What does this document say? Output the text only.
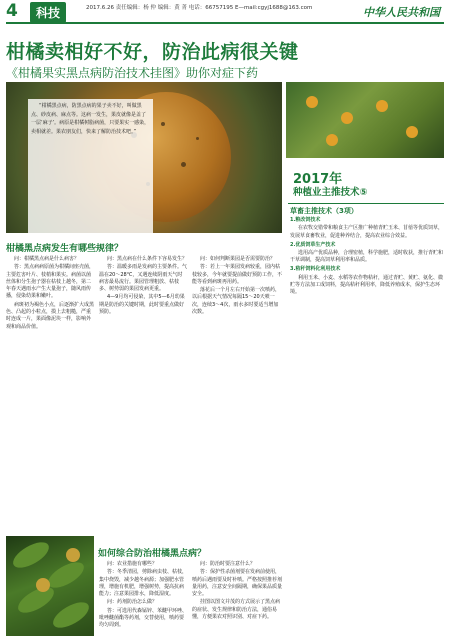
4	科技	2017.6.26 责任编辑：杨 仲 编辑：黄 菁 电话：66757195 E—mail:cgyj1688@163.com	中华人民共和国
柑橘卖相好不好，防治此病很关键
《柑橘果实黑点病防治技术挂图》助你对症下药
“柑橘黑点病，防黑点病的果子卖不好，叫做黑点、砂皮病、麻点等。这病一发生，果皮就像是盖了一层‘麻子’。病原是柑橘树脂病菌，只要果实一感染，卖相就差。果农朋友们，快来了解防治技术吧。”
2017年
种植业主推技术⑤
草畜主推技术（3项）

1.粮改饲技术

在农牧交错带和粮食主产区推广种植青贮玉米、苜蓿等优质饲草，发展草食畜牧业，促进种养结合，提高农业综合效益。

2.优质饲草生产技术

选用高产优质品种，合理密植，科学施肥，适时收获，推行青贮和干草调制，提高饲草利用率和品质。

3.秸秆饲料化利用技术

利用玉米、小麦、水稻等农作物秸秆，通过青贮、黄贮、氨化、微贮等方法加工成饲料，提高秸秆利用率，降低养殖成本，保护生态环境。

柑橘黑点病发生有哪些规律？

问：柑橘黑点病是什么病害？

答：黑点病病原菌为柑橘间座壳菌，主要危害叶片、枝梢和果实。病菌以菌丝体和分生孢子器在枯枝上越冬，第二年春天遇雨水产生大量孢子，随风雨传播，侵染幼果和嫩叶。

病斑初为褐色小点，后逐渐扩大成黑色、凸起的小粒点，摸上去粗糙，严重时连成一片，果面像泥块一样，影响外观和商品价值。

问：黑点病在什么条件下容易发生？

答：温暖多雨是发病的主要条件。气温在20～28℃，又遇连续阴雨天气时病害最易流行。果园管理粗放、枯枝多、树势弱的果园发病更重。

4—9月均可侵染，其中5—6月幼果期是防治的关键时期，此时要重点做好预防。

问：如何判断果园是否需要防治？

答：若上一年果园发病较重，园内枯枝较多，今年就要提前做好预防工作，不能等看到病斑再用药。

落花后一个月左右开始第一次喷药，以后根据天气情况每隔15～20天喷一次，连续3～4次，雨水多时要适当增加次数。

如何综合防治柑橘黑点病？

问：农业措施有哪些？

答：冬季清园，剪除病虫枝、枯枝，集中烧毁，减少越冬病源；加强肥水管理，增施有机肥，增强树势，提高抗病能力；注意果园排水，降低湿度。

问：药剂防治怎么做？

答：可选用代森锰锌、苯醚甲环唑、吡唑醚菌酯等药剂，交替使用，喷药要均匀周到。

问：防治时要注意什么？

答：保护性杀菌剂要在发病前使用，喷药后遇雨要及时补喷。严格按照推荐剂量用药，注意安全间隔期，确保果品质量安全。

挂图以图文并茂的方式展示了黑点病的症状、发生规律和防治方法，通俗易懂，方便果农对照识别、对症下药。
